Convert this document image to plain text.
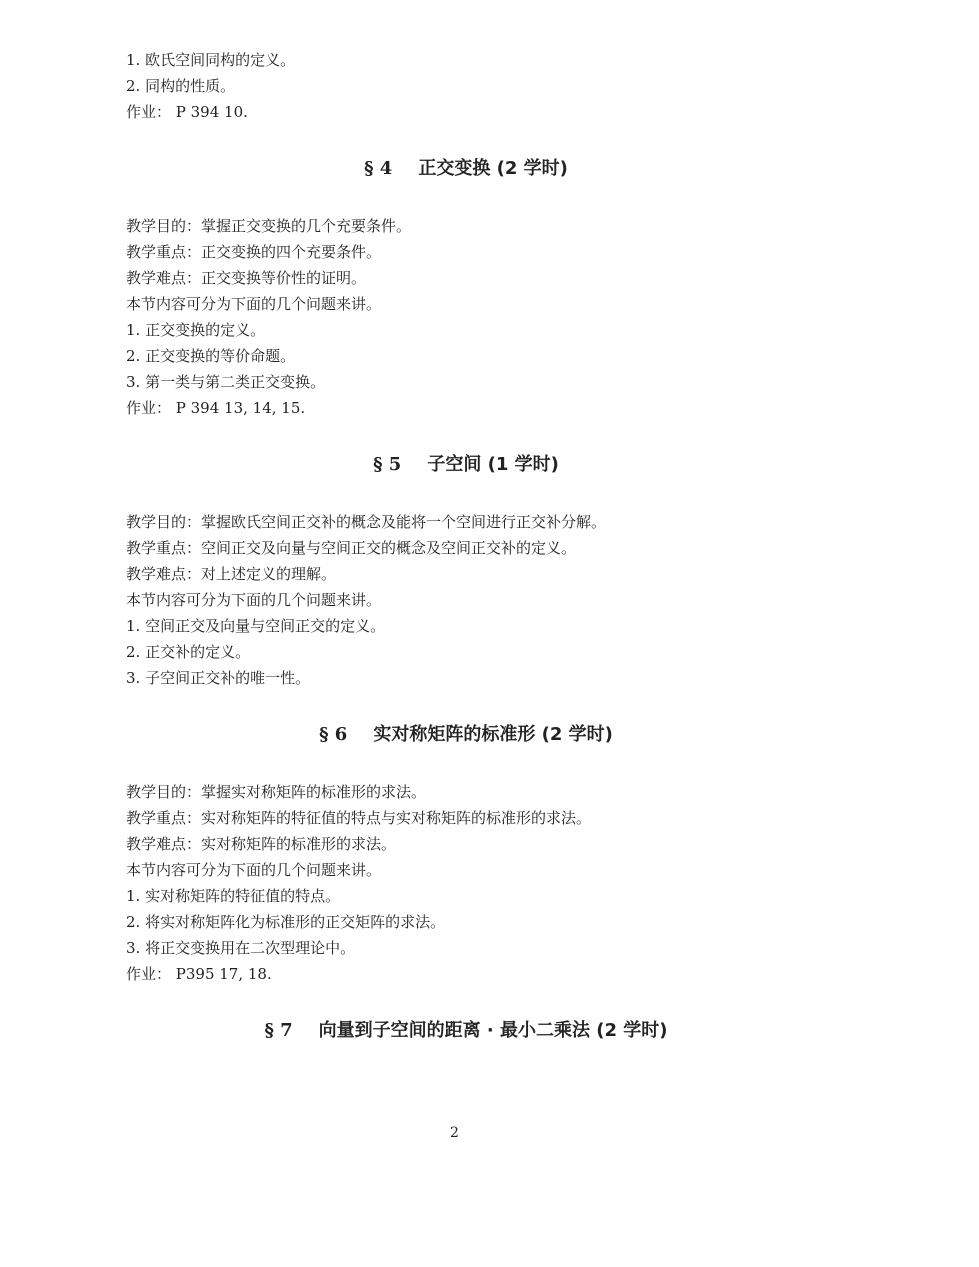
1. 欧氏空间同构的定义。
2. 同构的性质。
作业： P 394 10.
§ 4 正交变换 (2 学时)
教学目的：掌握正交变换的几个充要条件。
教学重点：正交变换的四个充要条件。
教学难点：正交变换等价性的证明。
本节内容可分为下面的几个问题来讲。
1. 正交变换的定义。
2. 正交变换的等价命题。
3. 第一类与第二类正交变换。
作业： P 394 13, 14, 15.
§ 5 子空间 (1 学时)
教学目的：掌握欧氏空间正交补的概念及能将一个空间进行正交补分解。
教学重点：空间正交及向量与空间正交的概念及空间正交补的定义。
教学难点：对上述定义的理解。
本节内容可分为下面的几个问题来讲。
1. 空间正交及向量与空间正交的定义。
2. 正交补的定义。
3. 子空间正交补的唯一性。
§ 6 实对称矩阵的标准形 (2 学时)
教学目的：掌握实对称矩阵的标准形的求法。
教学重点：实对称矩阵的特征值的特点与实对称矩阵的标准形的求法。
教学难点：实对称矩阵的标准形的求法。
本节内容可分为下面的几个问题来讲。
1. 实对称矩阵的特征值的特点。
2. 将实对称矩阵化为标准形的正交矩阵的求法。
3. 将正交变换用在二次型理论中。
作业： P395 17, 18.
§ 7 向量到子空间的距离 · 最小二乘法 (2 学时)
2
